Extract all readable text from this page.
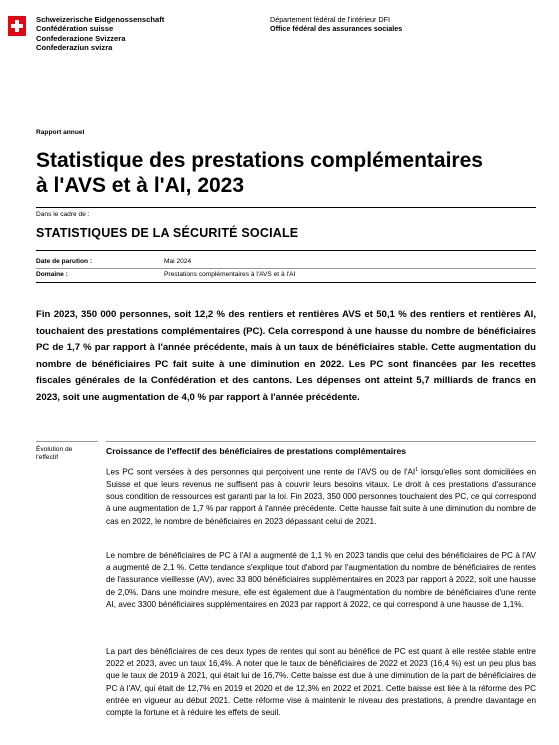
Schweizerische Eidgenossenschaft
Confédération suisse
Confederazione Svizzera
Confederaziun svizra
Département fédéral de l'intérieur DFI
Office fédéral des assurances sociales
Rapport annuel
Statistique des prestations complémentaires
à l'AVS et à l'AI, 2023
Dans le cadre de :
STATISTIQUES DE LA SÉCURITÉ SOCIALE
Date de parution :	Mai 2024
Domaine :	Prestations complémentaires à l'AVS et à l'AI
Fin 2023, 350 000 personnes, soit 12,2 % des rentiers et rentières AVS et 50,1 % des rentiers et rentières AI, touchaient des prestations complémentaires (PC). Cela correspond à une hausse du nombre de bénéficiaires PC de 1,7 % par rapport à l'année précédente, mais à un taux de bénéficiaires stable. Cette augmentation du nombre de bénéficiaires PC fait suite à une diminution en 2022. Les PC sont financées par les recettes fiscales générales de la Confédération et des cantons. Les dépenses ont atteint 5,7 milliards de francs en 2023, soit une augmentation de 4,0 % par rapport à l'année précédente.
Évolution de
l'effectif
Croissance de l'effectif des bénéficiaires de prestations complémentaires
Les PC sont versées à des personnes qui perçoivent une rente de l'AVS ou de $l'AI^1$ lorsqu'elles sont domiciliées en Suisse et que leurs revenus ne suffisent pas à couvrir leurs besoins vitaux. Le droit à ces prestations d'assurance sous condition de ressources est garanti par la loi. Fin 2023, 350 000 personnes touchaient des PC, ce qui correspond à une augmentation de 1,7 % par rapport à l'année précédente. Cette hausse fait suite à une diminution du nombre de cas en 2022, le nombre de bénéficiaires en 2023 dépassant celui de 2021.
Le nombre de bénéficiaires de PC à l'AI a augmenté de 1,1 % en 2023 tandis que celui des bénéficiaires de PC à l'AV a augmenté de 2,1 %. Cette tendance s'explique tout d'abord par l'augmentation du nombre de bénéficiaires de rentes de l'assurance vieillesse (AV), avec 33 800 bénéficiaires supplémentaires en 2023 par rapport à 2022, soit une hausse de 2,0%. Dans une moindre mesure, elle est également due à l'augmentation du nombre de bénéficiaires d'une rente AI, avec 3300 bénéficiaires supplémentaires en 2023 par rapport à 2022, ce qui correspond à une hausse de 1,1%.
La part des bénéficiaires de ces deux types de rentes qui sont au bénéfice de PC est quant à elle restée stable entre 2022 et 2023, avec un taux 16,4%. A noter que le taux de bénéficiaires de 2022 et 2023 (16,4 %) est un peu plus bas que le taux de 2019 à 2021, qui était lui de 16,7%. Cette baisse est due à une diminution de la part de bénéficiaires de PC à l'AV, qui était de 12,7% en 2019 et 2020 et de 12,3% en 2022 et 2021. Cette baisse est liée à la réforme des PC entrée en vigueur au début 2021. Cette réforme vise à maintenir le niveau des prestations, à prendre davantage en compte la fortune et à réduire les effets de seuil.
